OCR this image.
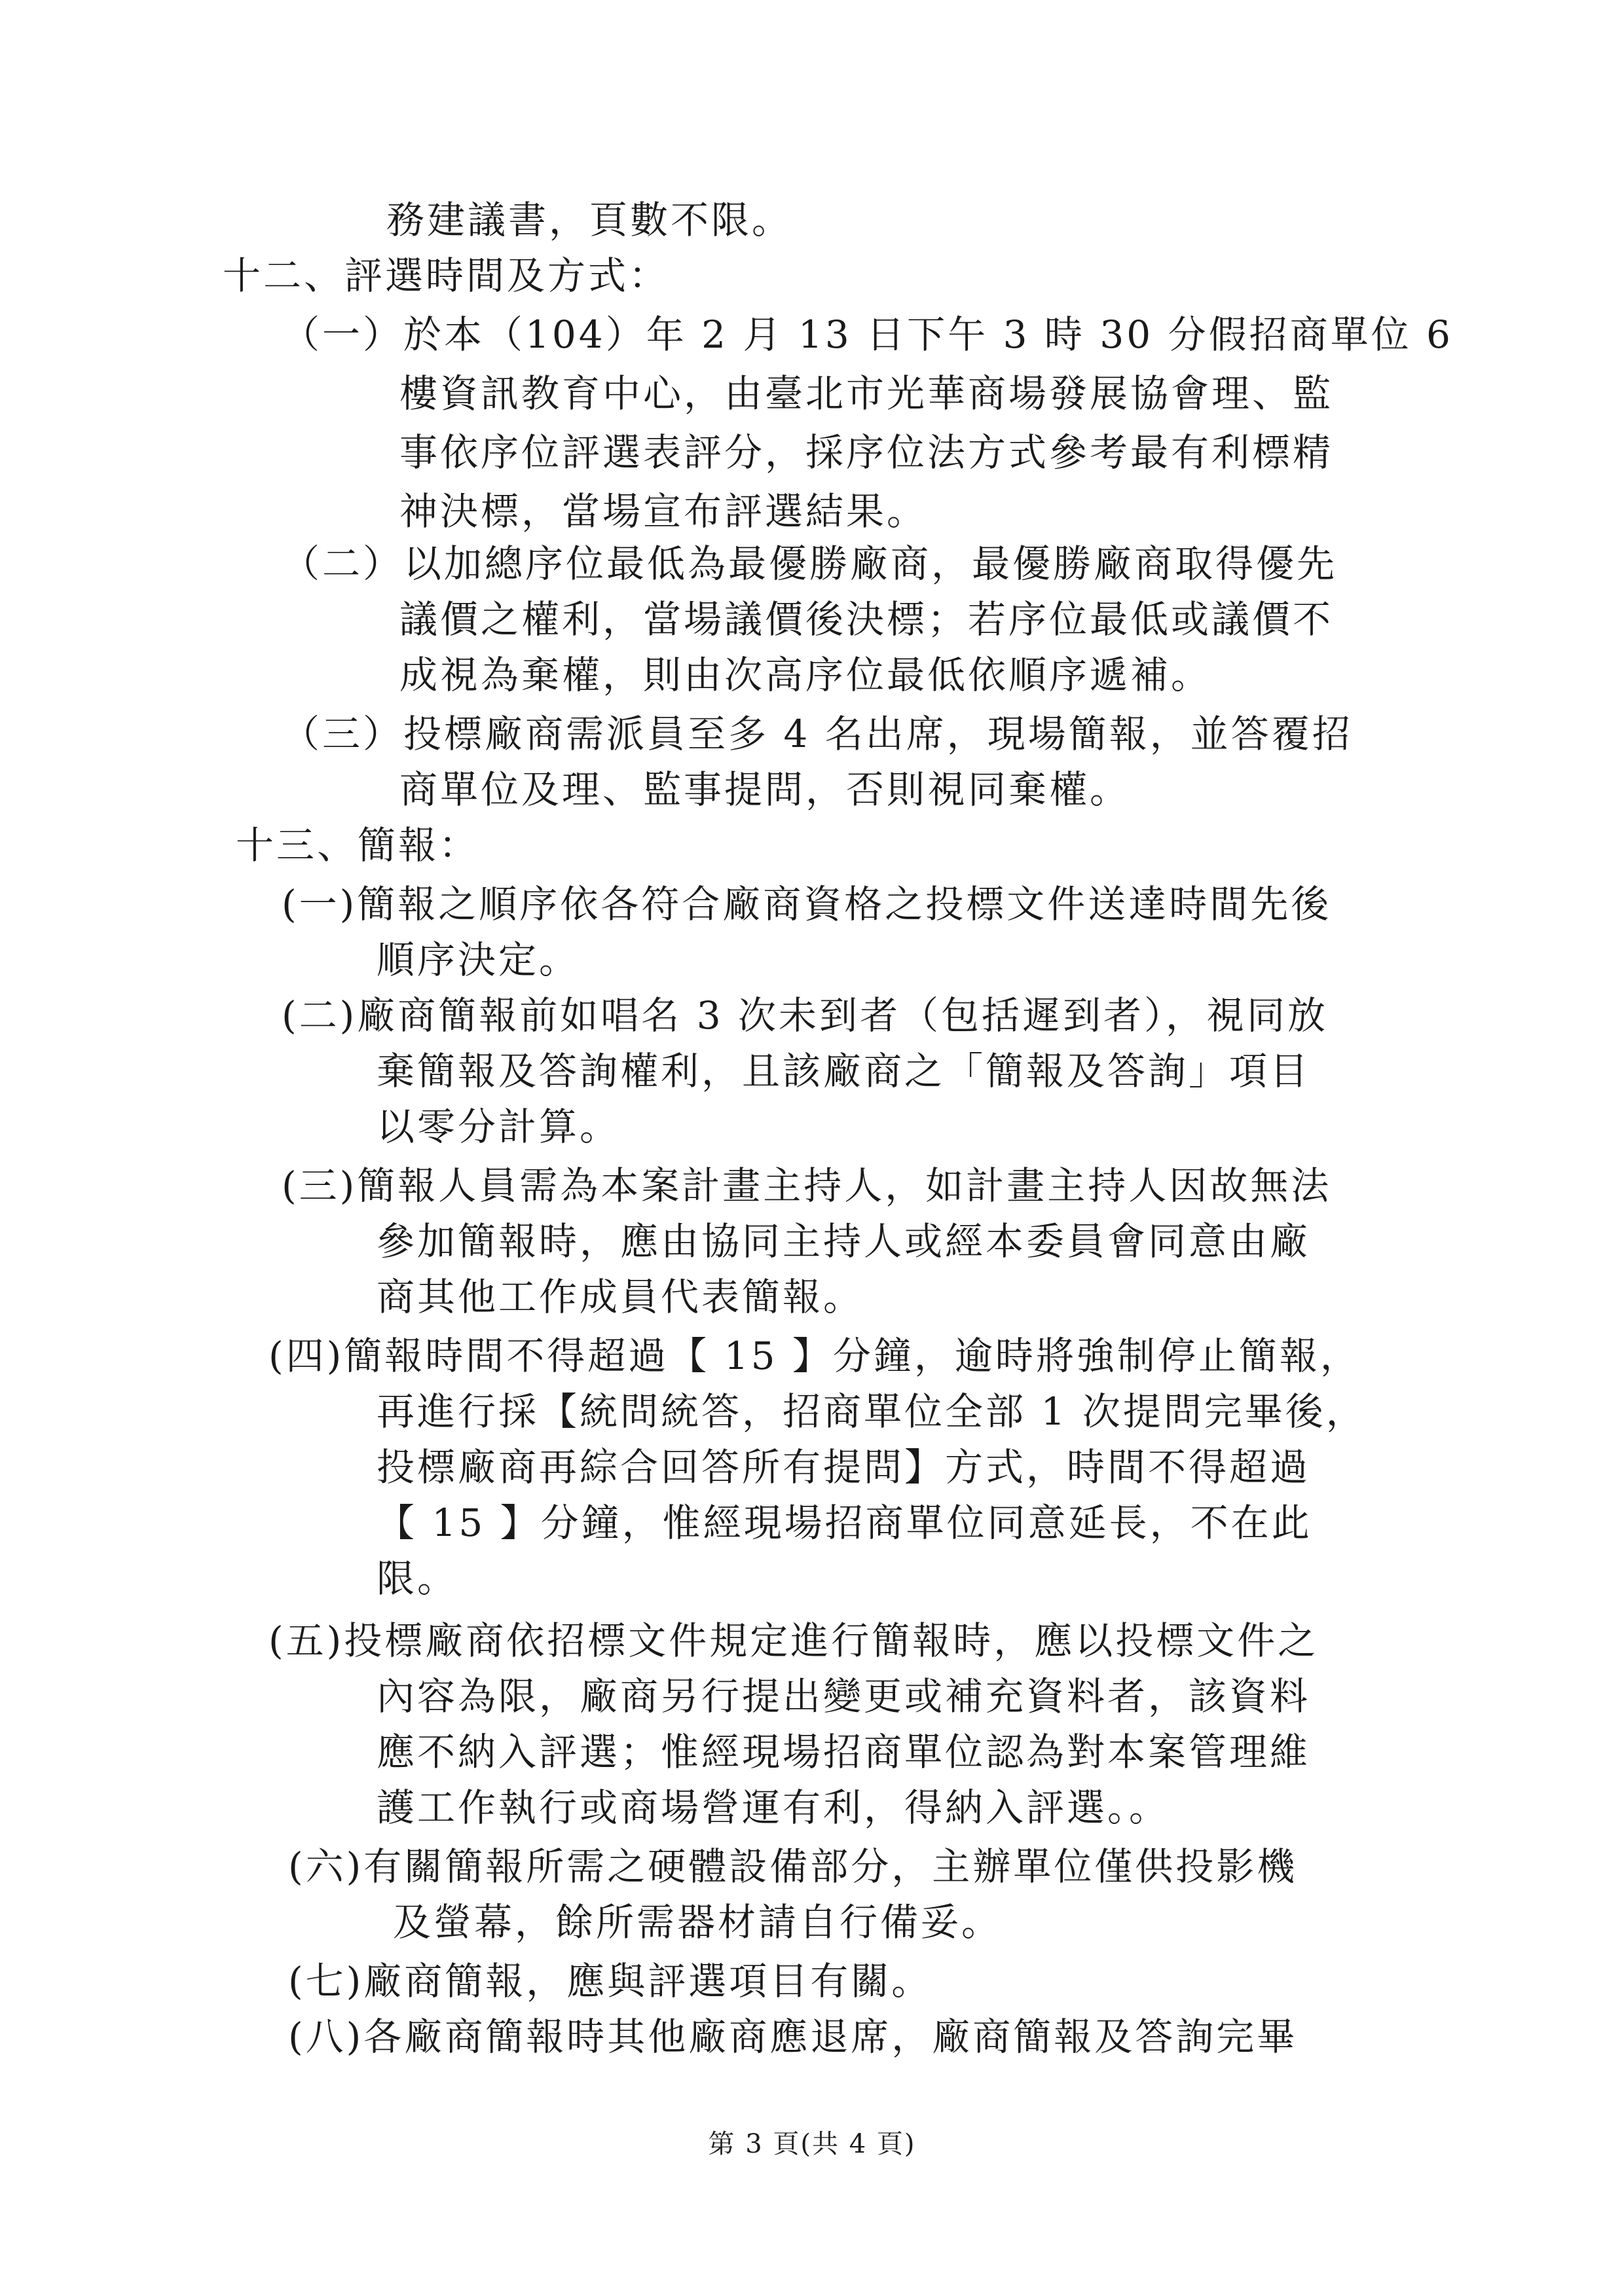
務建議書，頁數不限。
十二、評選時間及方式：
（一）於本（104）年 2 月 13 日下午 3 時 30 分假招商單位 6
樓資訊教育中心，由臺北市光華商場發展協會理、監
事依序位評選表評分，採序位法方式參考最有利標精
神決標，當場宣布評選結果。
（二）以加總序位最低為最優勝廠商，最優勝廠商取得優先
議價之權利，當場議價後決標；若序位最低或議價不
成視為棄權，則由次高序位最低依順序遞補。
（三）投標廠商需派員至多 4 名出席，現場簡報，並答覆招
商單位及理、監事提問，否則視同棄權。
十三、簡報：
(一)簡報之順序依各符合廠商資格之投標文件送達時間先後
順序決定。
(二)廠商簡報前如唱名 3 次未到者（包括遲到者），視同放
棄簡報及答詢權利，且該廠商之「簡報及答詢」項目
以零分計算。
(三)簡報人員需為本案計畫主持人，如計畫主持人因故無法
參加簡報時，應由協同主持人或經本委員會同意由廠
商其他工作成員代表簡報。
(四)簡報時間不得超過【 15 】分鐘，逾時將強制停止簡報，
再進行採【統問統答，招商單位全部 1 次提問完畢後，
投標廠商再綜合回答所有提問】方式，時間不得超過
【 15 】分鐘，惟經現場招商單位同意延長，不在此
限。
(五)投標廠商依招標文件規定進行簡報時，應以投標文件之
內容為限，廠商另行提出變更或補充資料者，該資料
應不納入評選；惟經現場招商單位認為對本案管理維
護工作執行或商場營運有利，得納入評選。。
(六)有關簡報所需之硬體設備部分，主辦單位僅供投影機
及螢幕，餘所需器材請自行備妥。
(七)廠商簡報，應與評選項目有關。
(八)各廠商簡報時其他廠商應退席，廠商簡報及答詢完畢
第 3 頁(共 4 頁)
